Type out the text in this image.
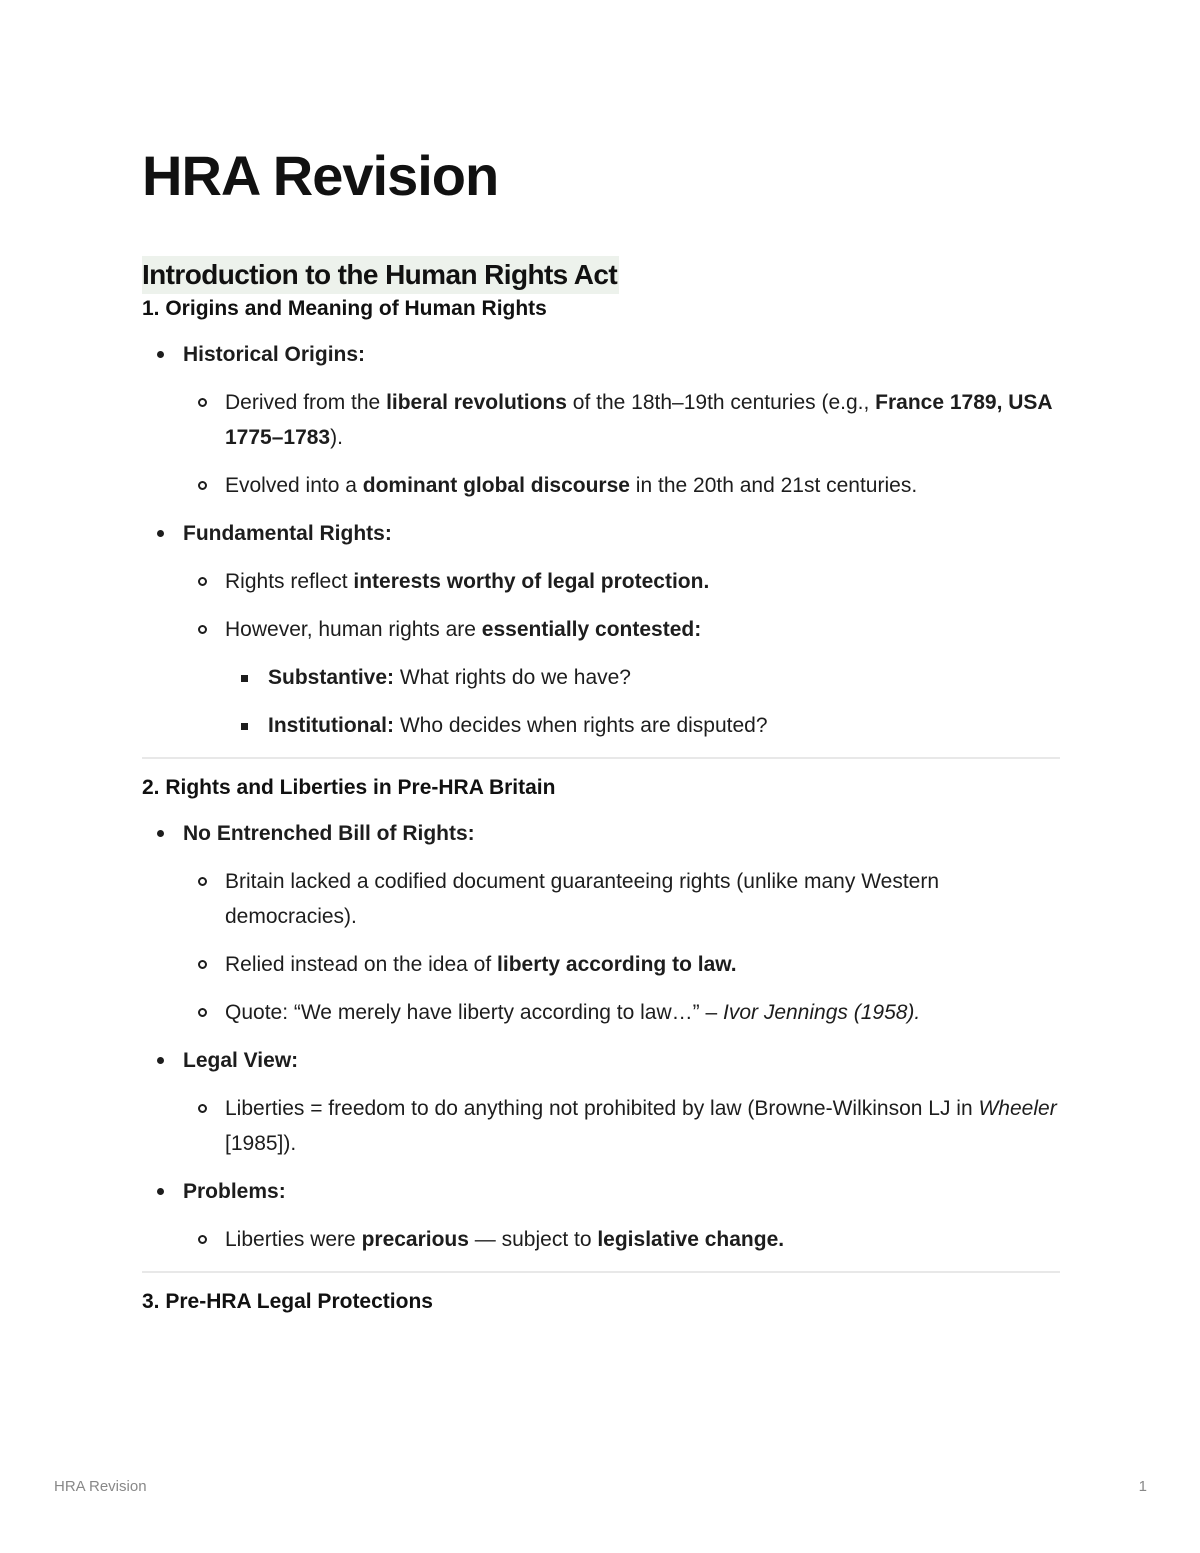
HRA Revision
Introduction to the Human Rights Act
1. Origins and Meaning of Human Rights
Historical Origins:
Derived from the liberal revolutions of the 18th–19th centuries (e.g., France 1789, USA 1775–1783).
Evolved into a dominant global discourse in the 20th and 21st centuries.
Fundamental Rights:
Rights reflect interests worthy of legal protection.
However, human rights are essentially contested:
Substantive: What rights do we have?
Institutional: Who decides when rights are disputed?
2. Rights and Liberties in Pre-HRA Britain
No Entrenched Bill of Rights:
Britain lacked a codified document guaranteeing rights (unlike many Western democracies).
Relied instead on the idea of liberty according to law.
Quote: “We merely have liberty according to law…” – Ivor Jennings (1958).
Legal View:
Liberties = freedom to do anything not prohibited by law (Browne-Wilkinson LJ in Wheeler [1985]).
Problems:
Liberties were precarious — subject to legislative change.
3. Pre-HRA Legal Protections
HRA Revision	1
